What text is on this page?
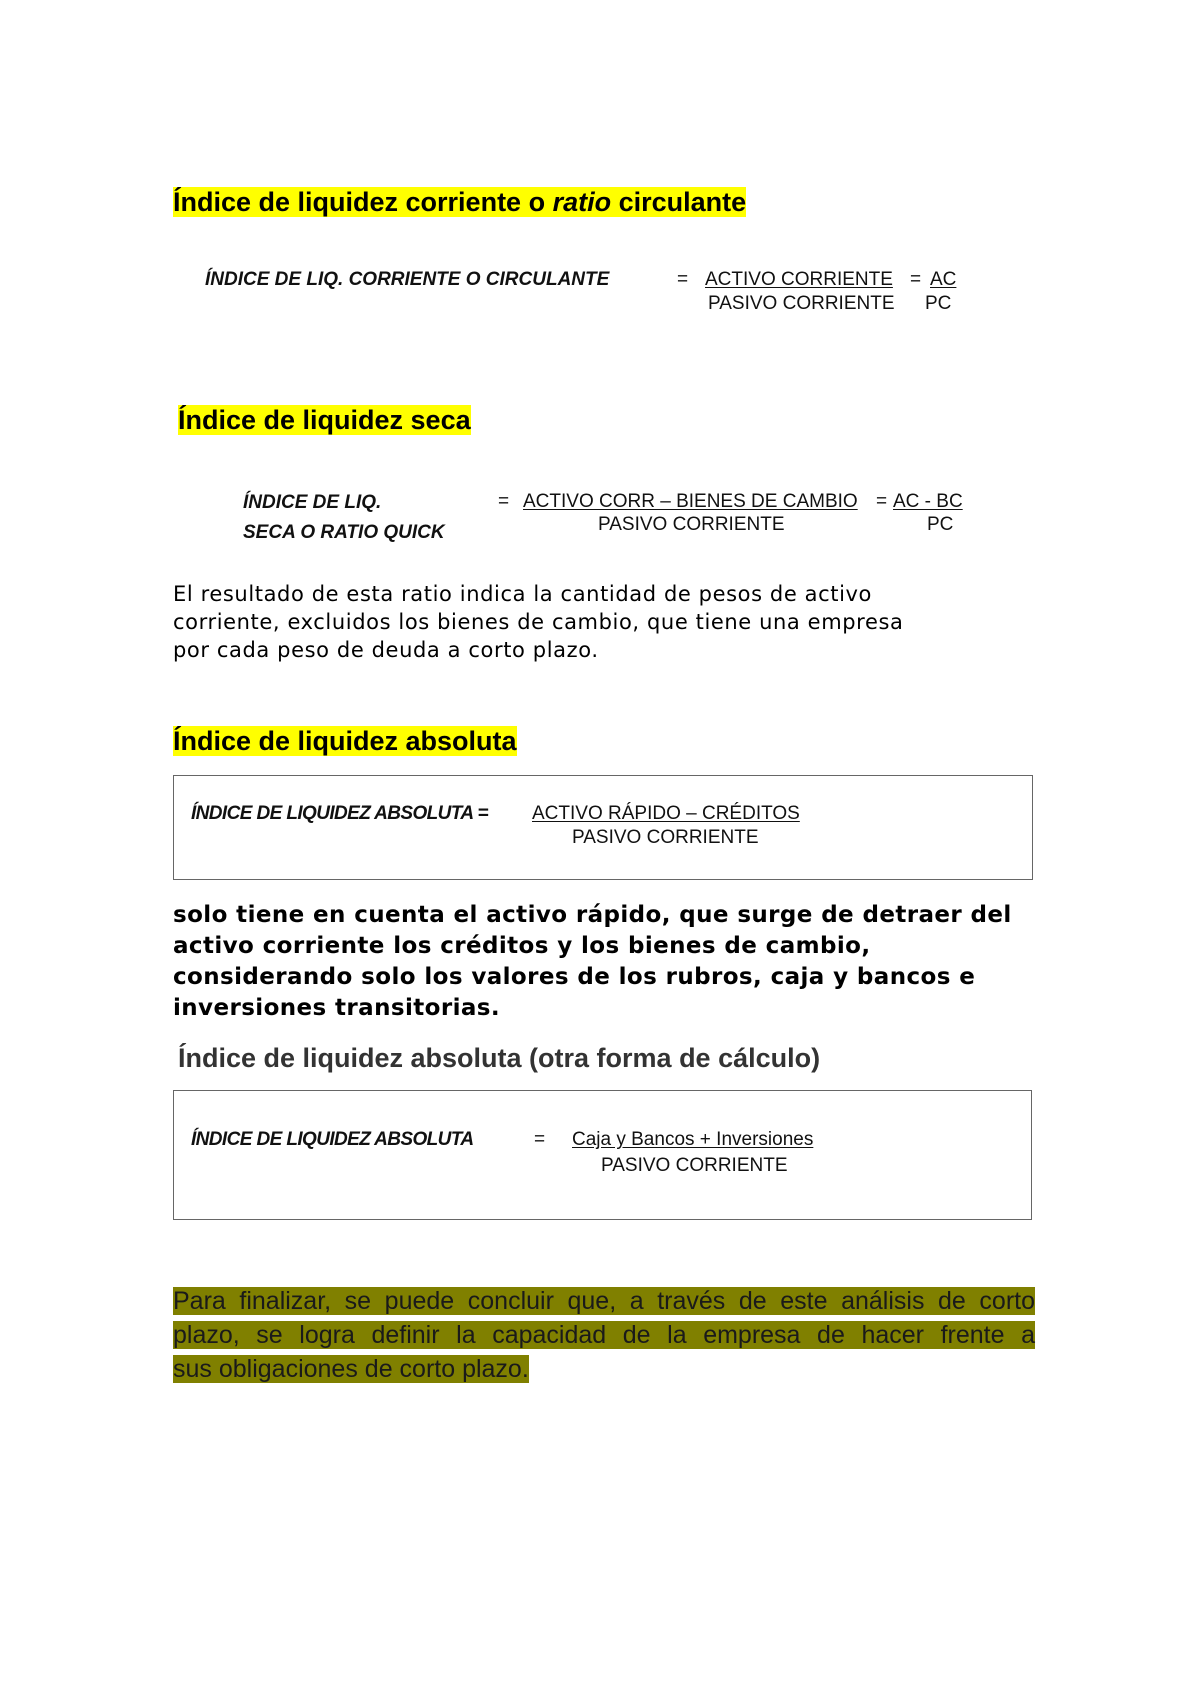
Índice de liquidez corriente o ratio circulante
ÍNDICE DE LIQ. CORRIENTE O CIRCULANTE	= ACTIVO CORRIENTE = AC
PASIVO CORRIENTE PC
Índice de liquidez seca
ÍNDICE DE LIQ.
SECA O RATIO QUICK
= ACTIVO CORR – BIENES DE CAMBIO = AC - BC
PASIVO CORRIENTE	PC
El resultado de esta ratio indica la cantidad de pesos de activo
corriente, excluidos los bienes de cambio, que tiene una empresa
por cada peso de deuda a corto plazo.
Índice de liquidez absoluta
ÍNDICE DE LIQUIDEZ ABSOLUTA = ACTIVO RÁPIDO – CRÉDITOS
PASIVO CORRIENTE
solo tiene en cuenta el activo rápido, que surge de detraer del
activo corriente los créditos y los bienes de cambio,
considerando solo los valores de los rubros, caja y bancos e
inversiones transitorias.
Índice de liquidez absoluta (otra forma de cálculo)
ÍNDICE DE LIQUIDEZ ABSOLUTA	= Caja y Bancos + Inversiones
PASIVO CORRIENTE
Para finalizar, se puede concluir que, a través de este análisis de corto
plazo, se logra definir la capacidad de la empresa de hacer frente a
sus obligaciones de corto plazo.
